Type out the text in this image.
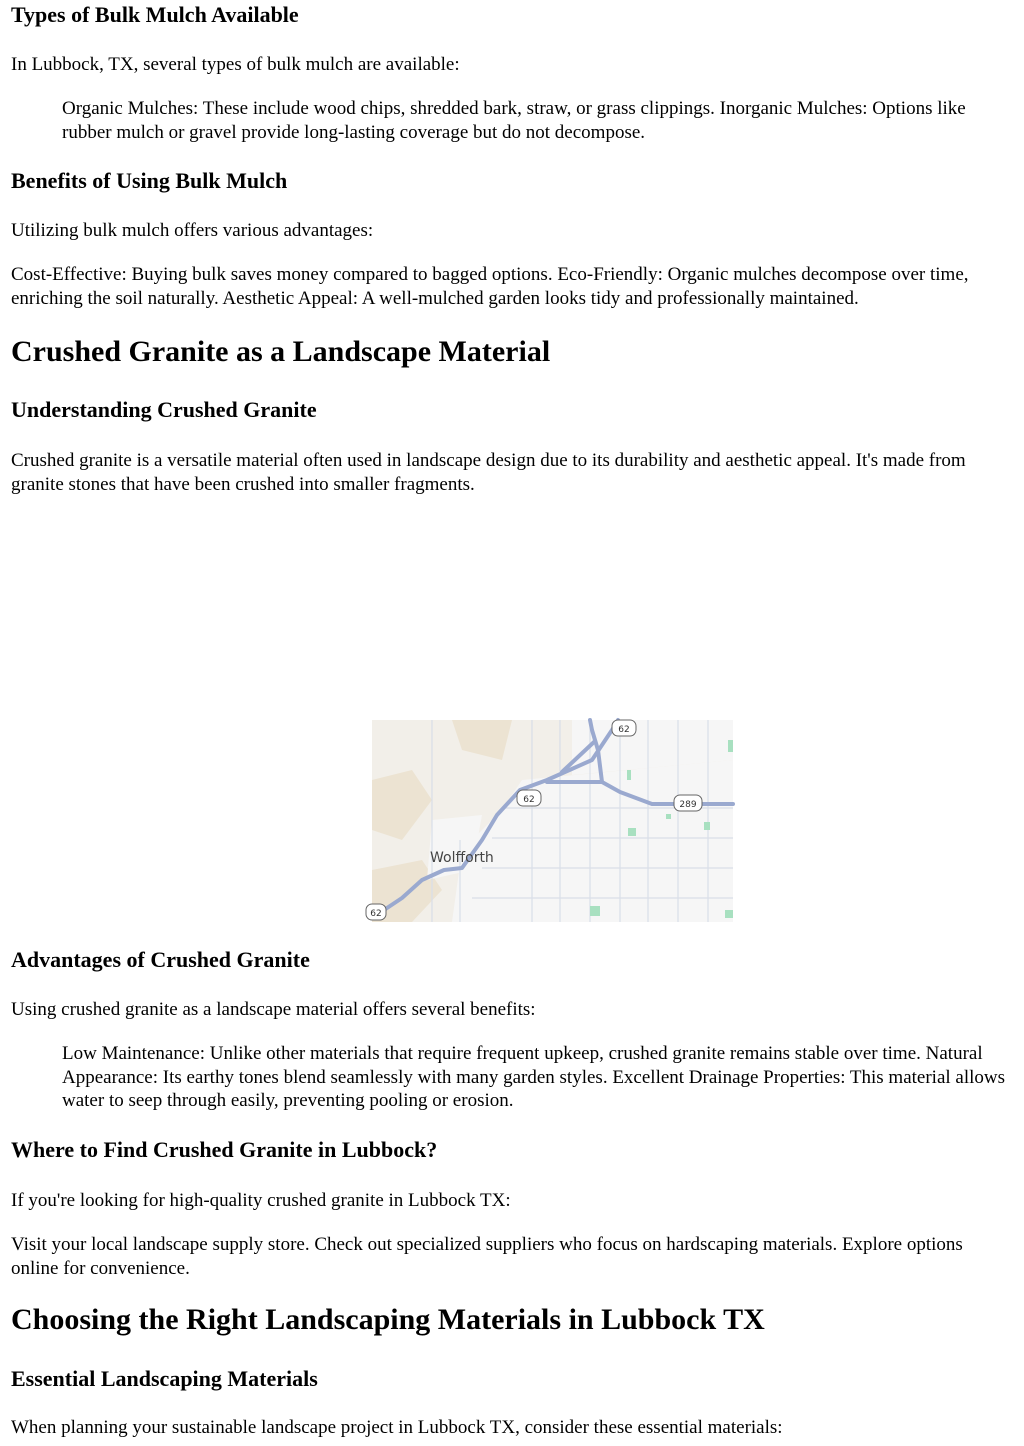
Types of Bulk Mulch Available

In Lubbock, TX, several types of bulk mulch are available:

Organic Mulches: These include wood chips, shredded bark, straw, or grass clippings. Inorganic Mulches: Options like rubber mulch or gravel provide long-lasting coverage but do not decompose.
Benefits of Using Bulk Mulch

Utilizing bulk mulch offers various advantages:

Cost-Effective: Buying bulk saves money compared to bagged options. Eco-Friendly: Organic mulches decompose over time, enriching the soil naturally. Aesthetic Appeal: A well-mulched garden looks tidy and professionally maintained.

Crushed Granite as a Landscape Material
Understanding Crushed Granite

Crushed granite is a versatile material often used in landscape design due to its durability and aesthetic appeal. It's made from granite stones that have been crushed into smaller fragments.

62
62	289
62
Wolfforth
Advantages of Crushed Granite

Using crushed granite as a landscape material offers several benefits:

Low Maintenance: Unlike other materials that require frequent upkeep, crushed granite remains stable over time. Natural Appearance: Its earthy tones blend seamlessly with many garden styles. Excellent Drainage Properties: This material allows water to seep through easily, preventing pooling or erosion.
Where to Find Crushed Granite in Lubbock?

If you're looking for high-quality crushed granite in Lubbock TX:

Visit your local landscape supply store. Check out specialized suppliers who focus on hardscaping materials. Explore options online for convenience.

Choosing the Right Landscaping Materials in Lubbock TX
Essential Landscaping Materials

When planning your sustainable landscape project in Lubbock TX, consider these essential materials:
